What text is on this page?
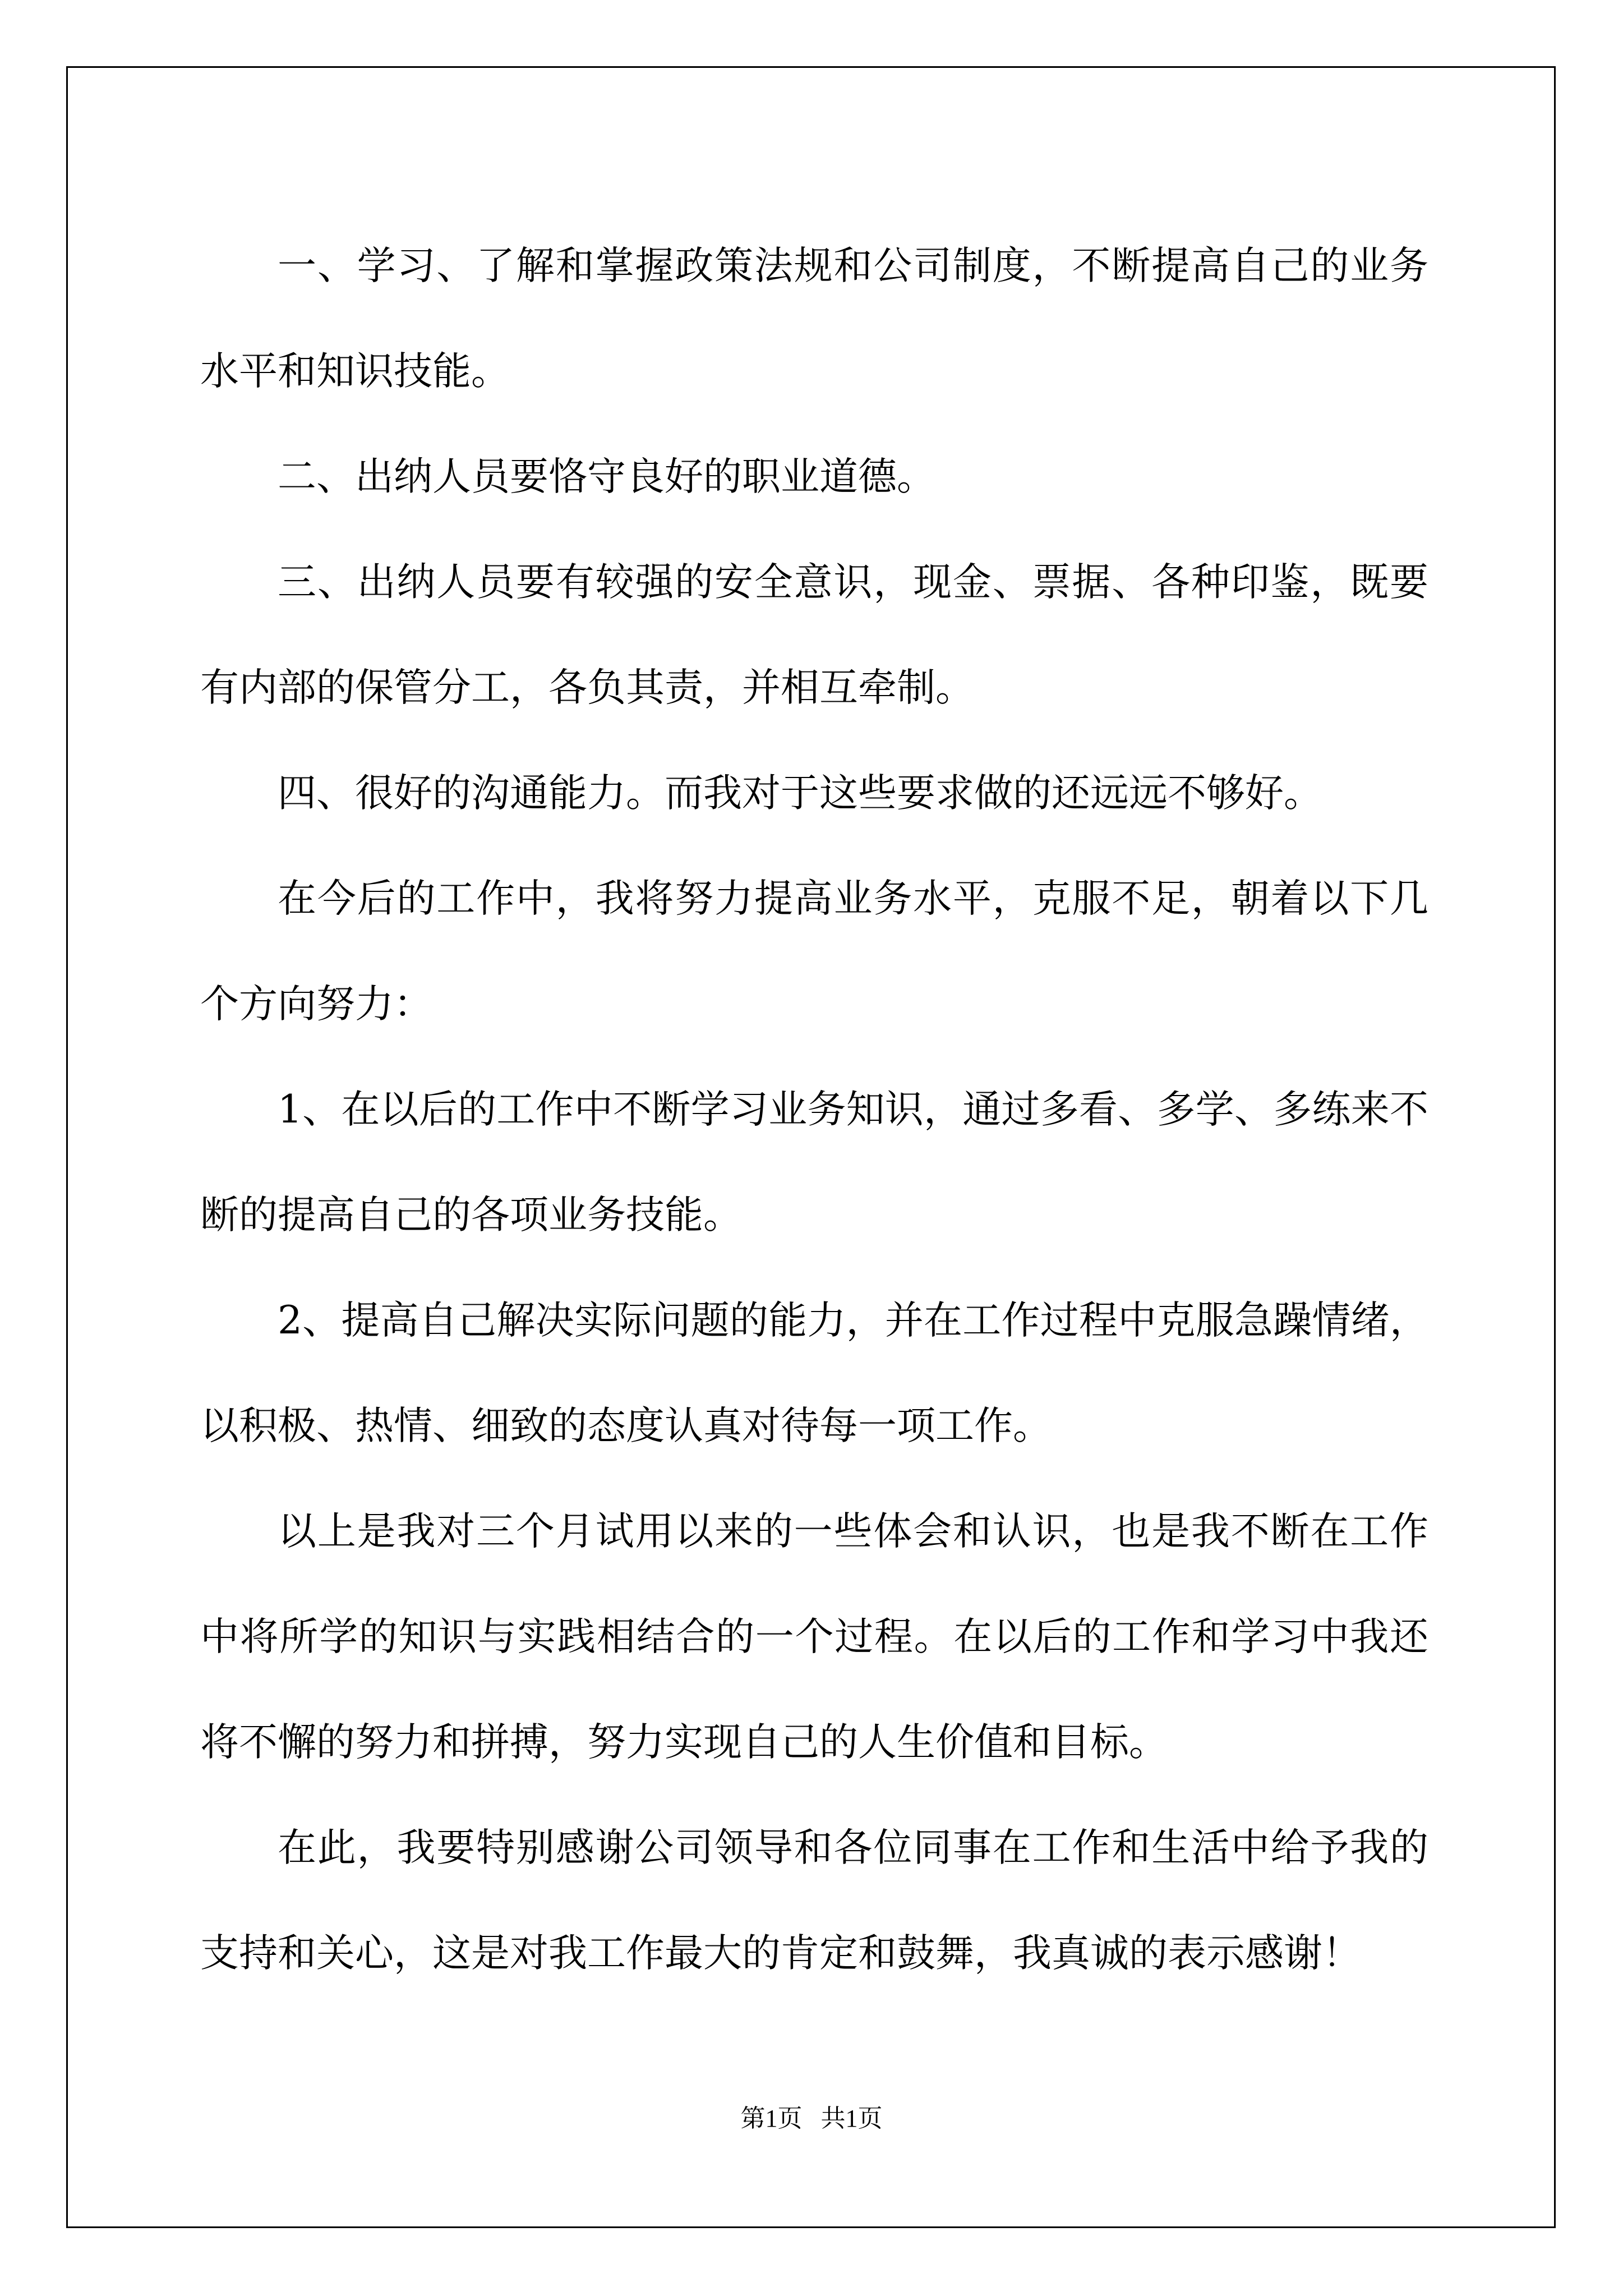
一、学习、了解和掌握政策法规和公司制度，不断提高自己的业务水平和知识技能。

二、出纳人员要恪守良好的职业道德。

三、出纳人员要有较强的安全意识，现金、票据、各种印鉴，既要有内部的保管分工，各负其责，并相互牵制。

四、很好的沟通能力。而我对于这些要求做的还远远不够好。

在今后的工作中，我将努力提高业务水平，克服不足，朝着以下几个方向努力：

1、在以后的工作中不断学习业务知识，通过多看、多学、多练来不断的提高自己的各项业务技能。

2、提高自己解决实际问题的能力，并在工作过程中克服急躁情绪，以积极、热情、细致的态度认真对待每一项工作。

以上是我对三个月试用以来的一些体会和认识，也是我不断在工作中将所学的知识与实践相结合的一个过程。在以后的工作和学习中我还将不懈的努力和拼搏，努力实现自己的人生价值和目标。

在此，我要特别感谢公司领导和各位同事在工作和生活中给予我的支持和关心，这是对我工作最大的肯定和鼓舞，我真诚的表示感谢！

第1页   共1页
